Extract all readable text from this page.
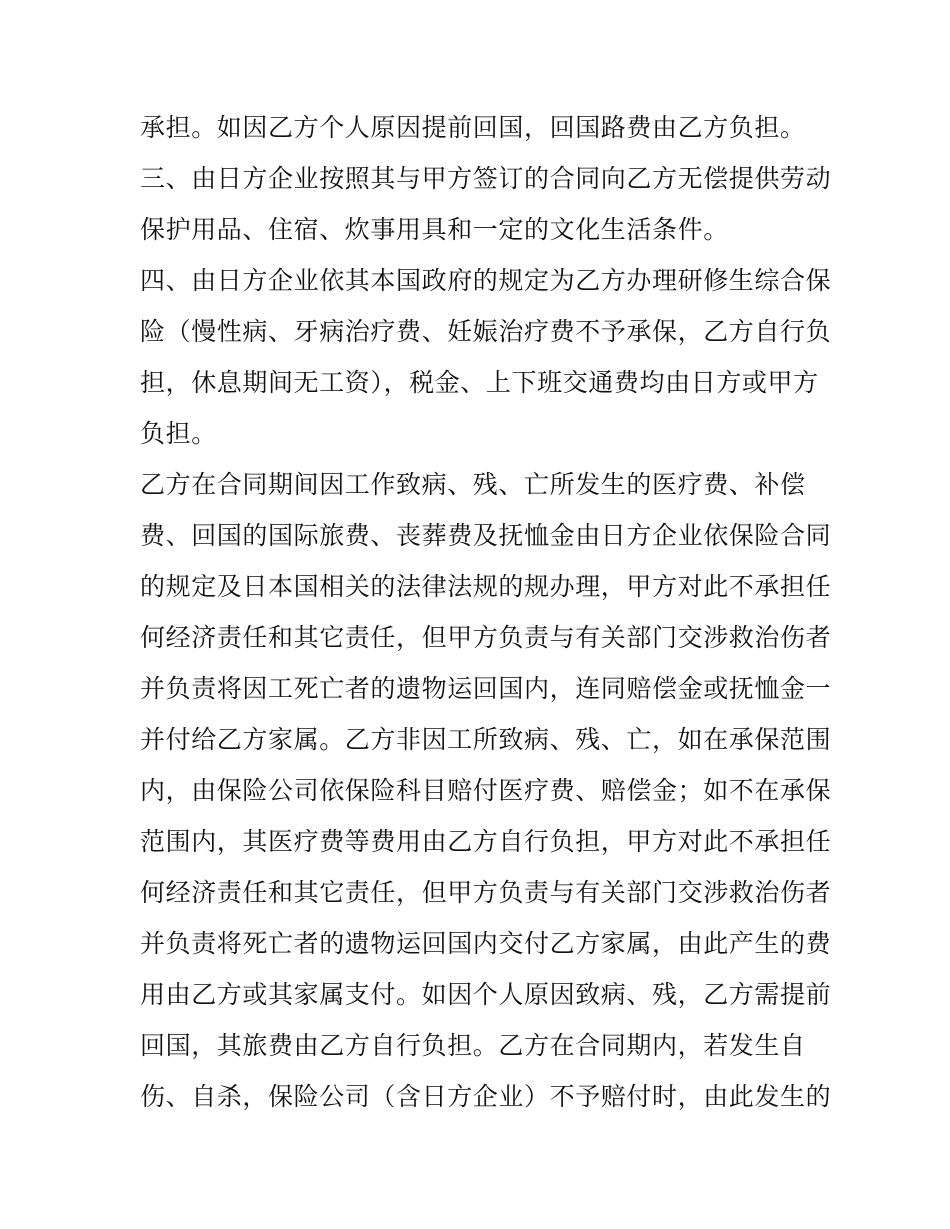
承担。如因乙方个人原因提前回国，回国路费由乙方负担。
三、由日方企业按照其与甲方签订的合同向乙方无偿提供劳动
保护用品、住宿、炊事用具和一定的文化生活条件。
四、由日方企业依其本国政府的规定为乙方办理研修生综合保
险（慢性病、牙病治疗费、妊娠治疗费不予承保，乙方自行负
担，休息期间无工资），税金、上下班交通费均由日方或甲方
负担。
乙方在合同期间因工作致病、残、亡所发生的医疗费、补偿
费、回国的国际旅费、丧葬费及抚恤金由日方企业依保险合同
的规定及日本国相关的法律法规的规办理，甲方对此不承担任
何经济责任和其它责任，但甲方负责与有关部门交涉救治伤者
并负责将因工死亡者的遗物运回国内，连同赔偿金或抚恤金一
并付给乙方家属。乙方非因工所致病、残、亡，如在承保范围
内，由保险公司依保险科目赔付医疗费、赔偿金；如不在承保
范围内，其医疗费等费用由乙方自行负担，甲方对此不承担任
何经济责任和其它责任，但甲方负责与有关部门交涉救治伤者
并负责将死亡者的遗物运回国内交付乙方家属，由此产生的费
用由乙方或其家属支付。如因个人原因致病、残，乙方需提前
回国，其旅费由乙方自行负担。乙方在合同期内，若发生自
伤、自杀，保险公司（含日方企业）不予赔付时，由此发生的
